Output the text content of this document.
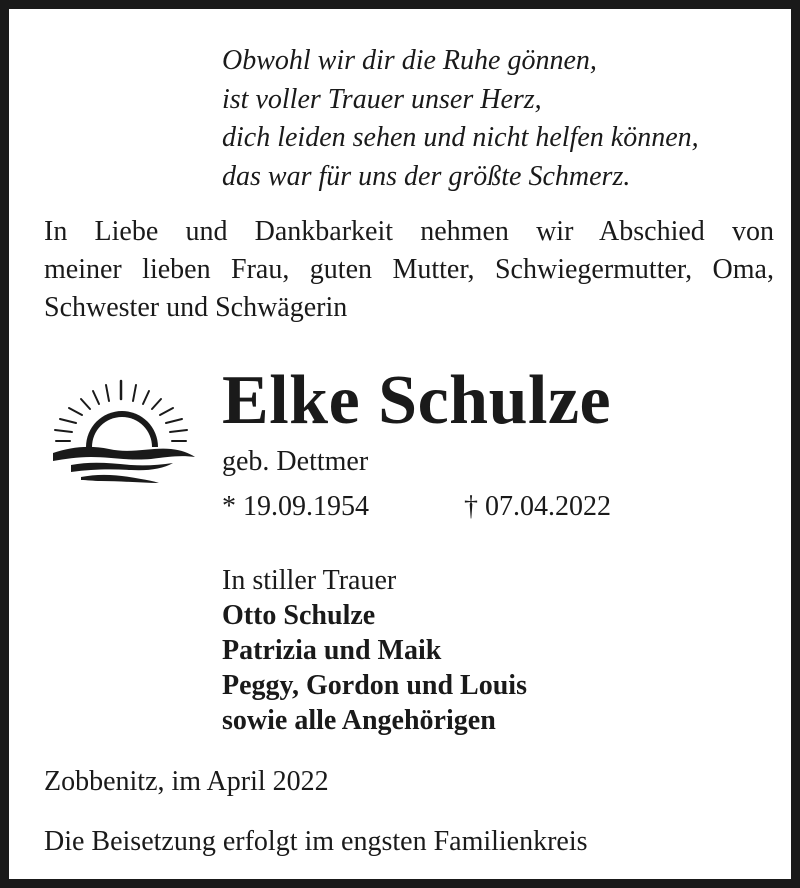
Obwohl wir dir die Ruhe gönnen,
ist voller Trauer unser Herz,
dich leiden sehen und nicht helfen können,
das war für uns der größte Schmerz.
In Liebe und Dankbarkeit nehmen wir Abschied von
meiner lieben Frau, guten Mutter, Schwiegermutter, Oma,
Schwester und Schwägerin
Elke Schulze
geb. Dettmer
* 19.09.1954	† 07.04.2022
In stiller Trauer
Otto Schulze
Patrizia und Maik
Peggy, Gordon und Louis
sowie alle Angehörigen
Zobbenitz, im April 2022
Die Beisetzung erfolgt im engsten Familienkreis
